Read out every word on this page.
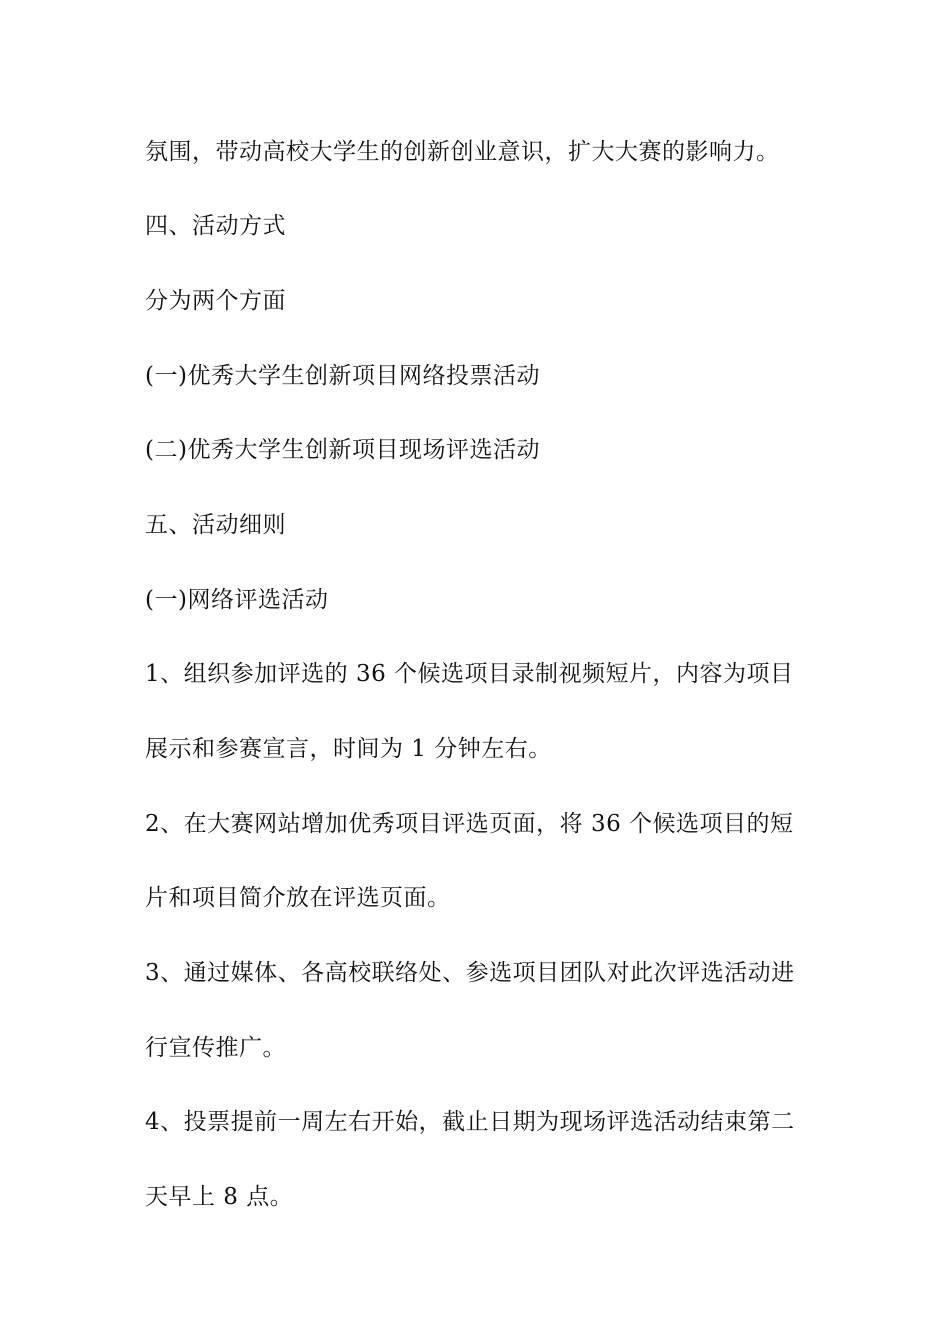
氛围，带动高校大学生的创新创业意识，扩大大赛的影响力。
四、活动方式
分为两个方面
(一)优秀大学生创新项目网络投票活动
(二)优秀大学生创新项目现场评选活动
五、活动细则
(一)网络评选活动
1、组织参加评选的 36 个候选项目录制视频短片，内容为项目
展示和参赛宣言，时间为 1 分钟左右。
2、在大赛网站增加优秀项目评选页面，将 36 个候选项目的短
片和项目简介放在评选页面。
3、通过媒体、各高校联络处、参选项目团队对此次评选活动进
行宣传推广。
4、投票提前一周左右开始，截止日期为现场评选活动结束第二
天早上 8 点。
